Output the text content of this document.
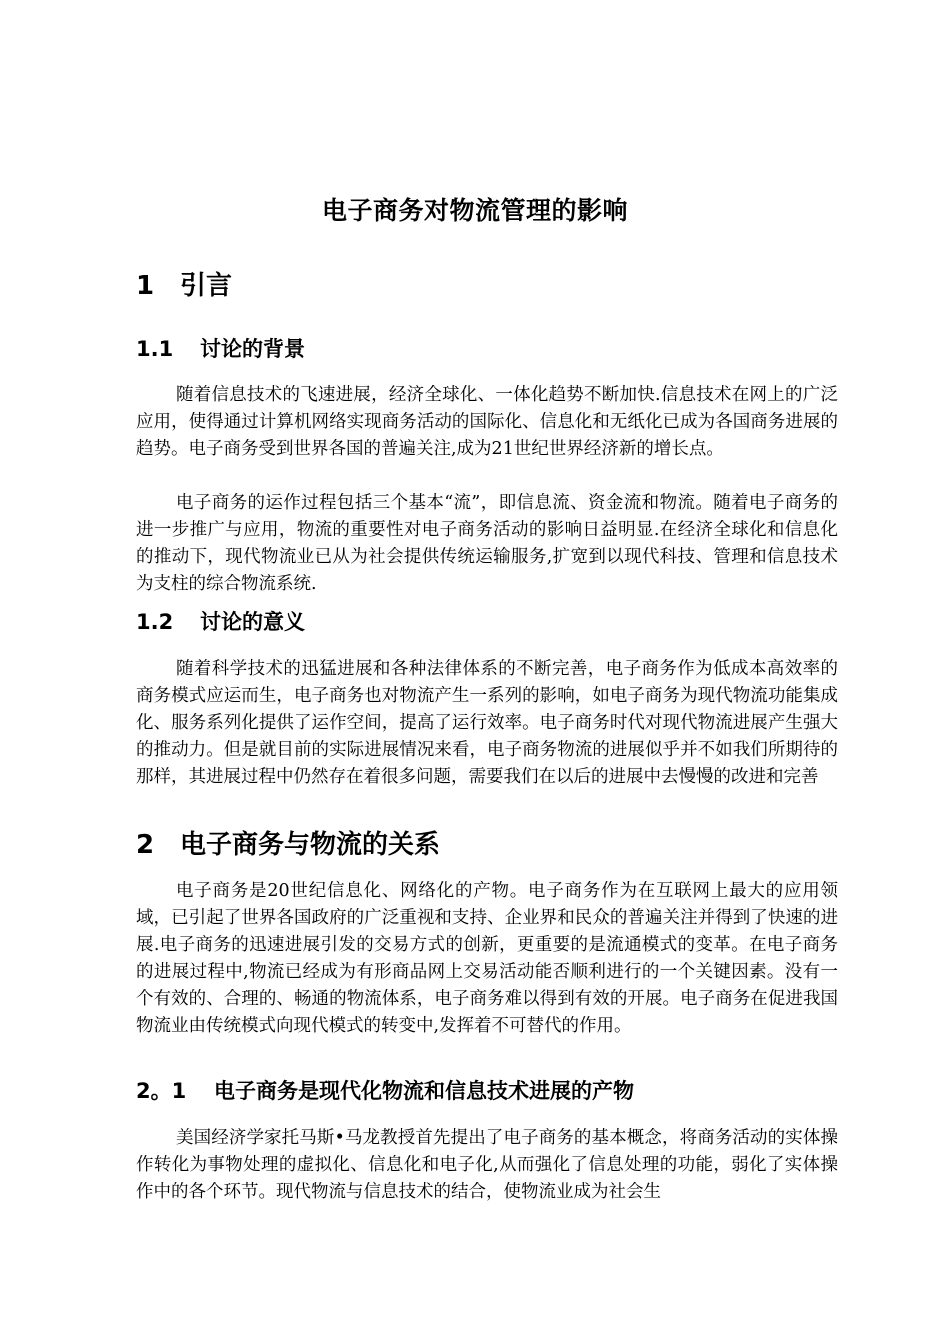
电子商务对物流管理的影响
1 引言
1.1 讨论的背景
随着信息技术的飞速进展，经济全球化、一体化趋势不断加快.信息技术在网上的广泛应用，使得通过计算机网络实现商务活动的国际化、信息化和无纸化已成为各国商务进展的趋势。电子商务受到世界各国的普遍关注,成为21世纪世界经济新的增长点。
电子商务的运作过程包括三个基本“流”，即信息流、资金流和物流。随着电子商务的进一步推广与应用，物流的重要性对电子商务活动的影响日益明显.在经济全球化和信息化的推动下，现代物流业已从为社会提供传统运输服务,扩宽到以现代科技、管理和信息技术为支柱的综合物流系统.
1.2 讨论的意义
随着科学技术的迅猛进展和各种法律体系的不断完善，电子商务作为低成本高效率的商务模式应运而生，电子商务也对物流产生一系列的影响，如电子商务为现代物流功能集成化、服务系列化提供了运作空间，提高了运行效率。电子商务时代对现代物流进展产生强大的推动力。但是就目前的实际进展情况来看，电子商务物流的进展似乎并不如我们所期待的那样，其进展过程中仍然存在着很多问题，需要我们在以后的进展中去慢慢的改进和完善
2 电子商务与物流的关系
电子商务是20世纪信息化、网络化的产物。电子商务作为在互联网上最大的应用领域，已引起了世界各国政府的广泛重视和支持、企业界和民众的普遍关注并得到了快速的进展.电子商务的迅速进展引发的交易方式的创新，更重要的是流通模式的变革。在电子商务的进展过程中,物流已经成为有形商品网上交易活动能否顺利进行的一个关键因素。没有一个有效的、合理的、畅通的物流体系，电子商务难以得到有效的开展。电子商务在促进我国物流业由传统模式向现代模式的转变中,发挥着不可替代的作用。
2。1 电子商务是现代化物流和信息技术进展的产物
美国经济学家托马斯•马龙教授首先提出了电子商务的基本概念，将商务活动的实体操作转化为事物处理的虚拟化、信息化和电子化,从而强化了信息处理的功能，弱化了实体操作中的各个环节。现代物流与信息技术的结合，使物流业成为社会生
